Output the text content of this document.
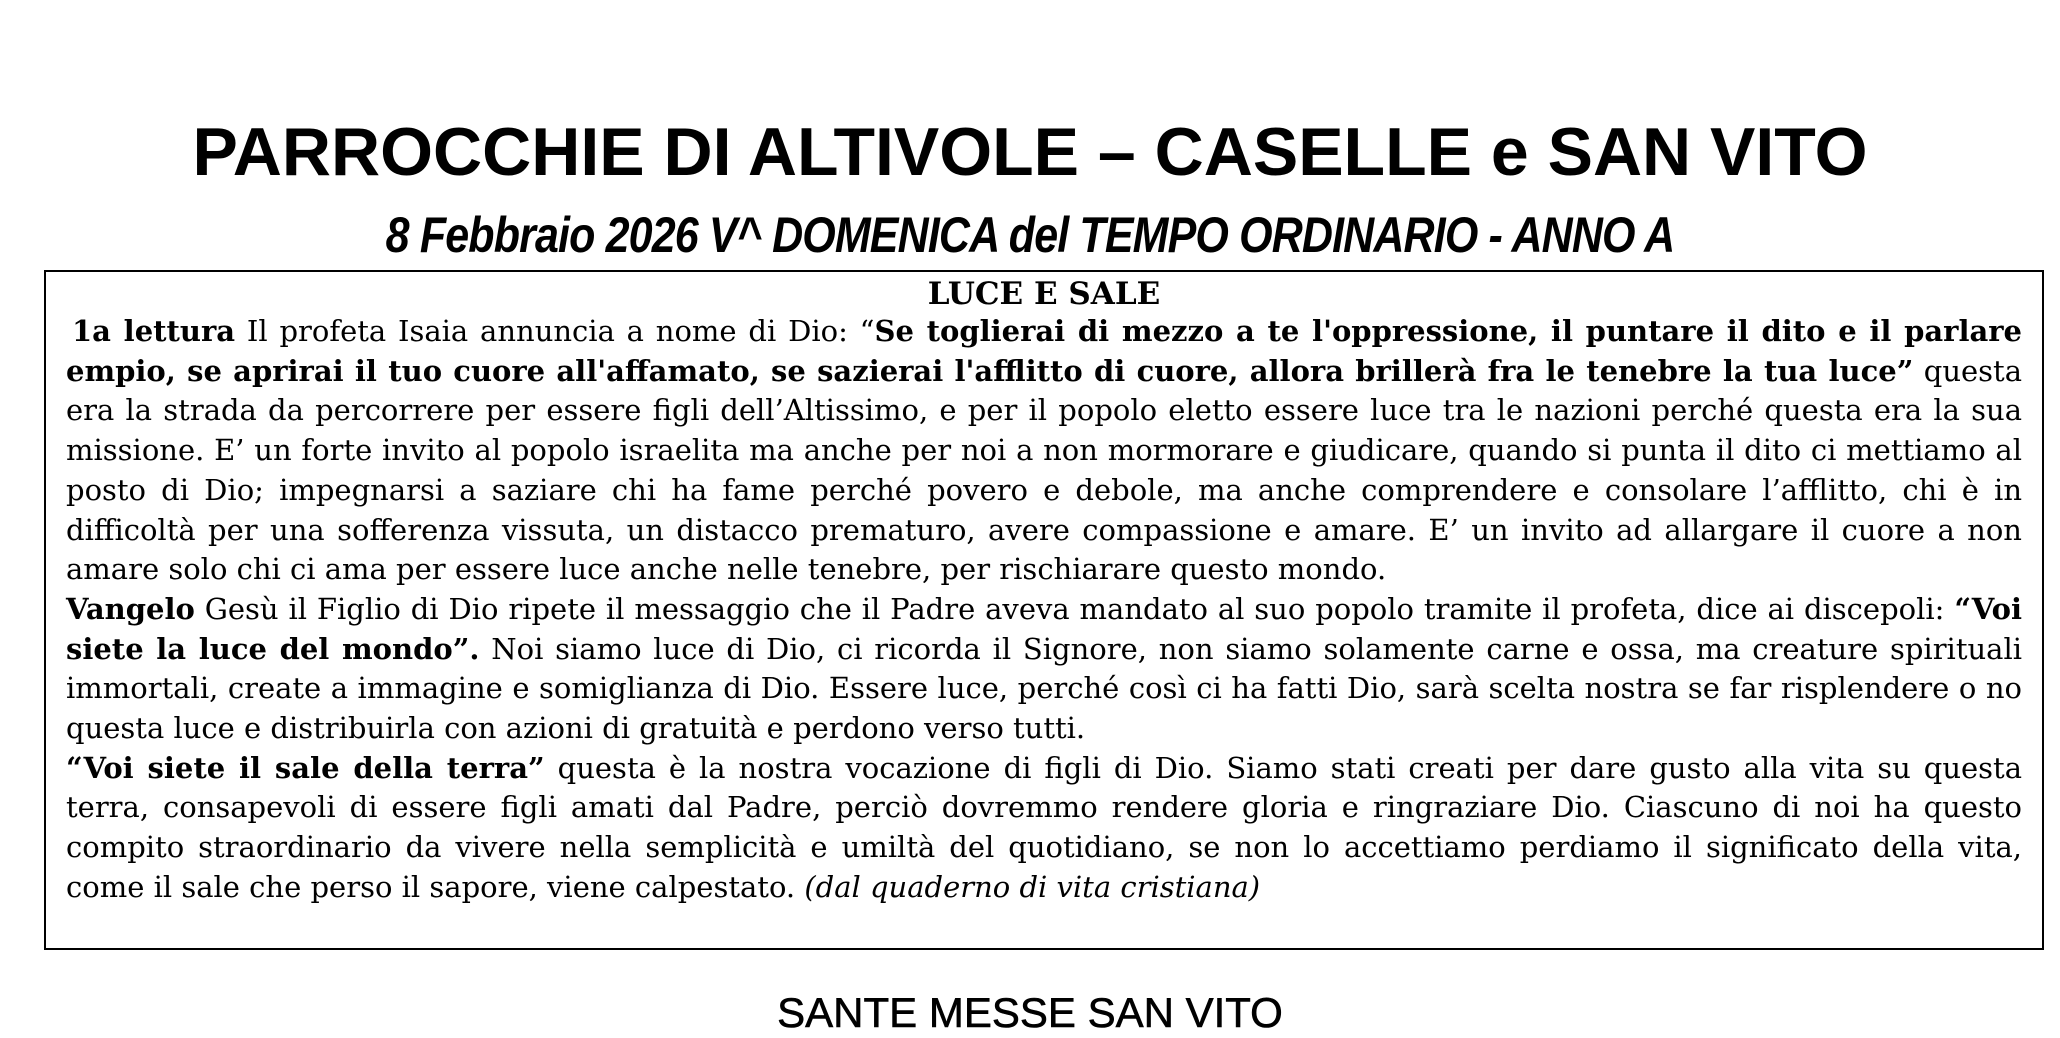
PARROCCHIE DI ALTIVOLE – CASELLE e SAN VITO
8 Febbraio 2026 V^ DOMENICA del TEMPO ORDINARIO - ANNO A
LUCE E SALE

1a lettura Il profeta Isaia annuncia a nome di Dio: “Se toglierai di mezzo a te l'oppressione, il puntare il dito e il parlare empio, se aprirai il tuo cuore all'affamato, se sazierai l'afflitto di cuore, allora brillerà fra le tenebre la tua luce” questa era la strada da percorrere per essere figli dell’Altissimo, e per il popolo eletto essere luce tra le nazioni perché questa era la sua missione. E’ un forte invito al popolo israelita ma anche per noi a non mormorare e giudicare, quando si punta il dito ci mettiamo al posto di Dio; impegnarsi a saziare chi ha fame perché povero e debole, ma anche comprendere e consolare l’afflitto, chi è in difficoltà per una sofferenza vissuta, un distacco prematuro, avere compassione e amare. E’ un invito ad allargare il cuore a non amare solo chi ci ama per essere luce anche nelle tenebre, per rischiarare questo mondo.

Vangelo Gesù il Figlio di Dio ripete il messaggio che il Padre aveva mandato al suo popolo tramite il profeta, dice ai discepoli: “Voi siete la luce del mondo”. Noi siamo luce di Dio, ci ricorda il Signore, non siamo solamente carne e ossa, ma creature spirituali immortali, create a immagine e somiglianza di Dio. Essere luce, perché così ci ha fatti Dio, sarà scelta nostra se far risplendere o no questa luce e distribuirla con azioni di gratuità e perdono verso tutti.

“Voi siete il sale della terra” questa è la nostra vocazione di figli di Dio. Siamo stati creati per dare gusto alla vita su questa terra, consapevoli di essere figli amati dal Padre, perciò dovremmo rendere gloria e ringraziare Dio. Ciascuno di noi ha questo compito straordinario da vivere nella semplicità e umiltà del quotidiano, se non lo accettiamo perdiamo il significato della vita, come il sale che perso il sapore, viene calpestato. (dal quaderno di vita cristiana)

SANTE MESSE SAN VITO
